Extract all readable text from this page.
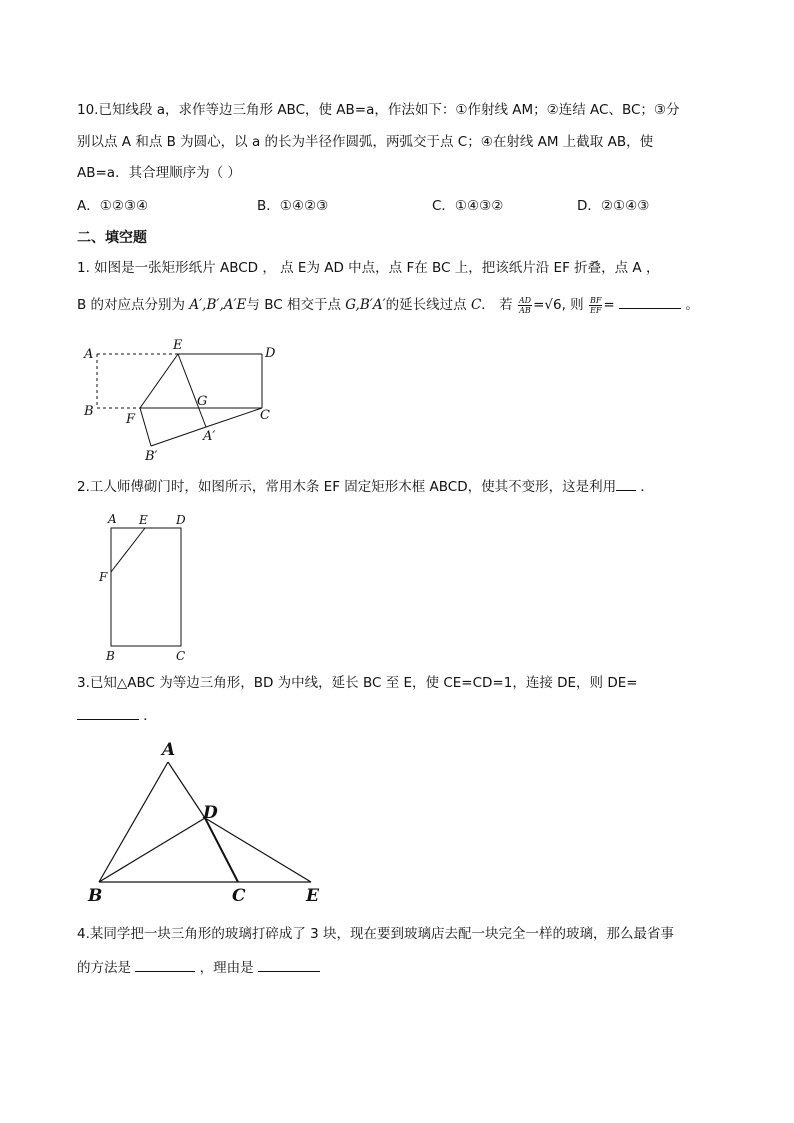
10.已知线段 a，求作等边三角形 ABC，使 AB=a，作法如下：①作射线 AM；②连结 AC、BC；③分
别以点 A 和点 B 为圆心，以 a 的长为半径作圆弧，两弧交于点 C；④在射线 AM 上截取 AB，使
AB=a．其合理顺序为（ ）
A．①②③④	B．①④②③	C．①④③②	D．②①④③
二、填空题
1. 如图是一张矩形纸片 ABCD ， 点 E为 AD 中点，点 F在 BC 上，把该纸片沿 EF 折叠，点 A ，
B 的对应点分别为 A′,B′,A′E与 BC 相交于点 G,B′A′的延长线过点 C． 若 $\frac{AD}{AB} =√6$, 则 $\frac{BF}{EF}$ =	。
A
E
D
B
G
C
F
A′
B′
2.工人师傅砌门时，如图所示，常用木条 EF 固定矩形木框 ABCD，使其不变形，这是利用 ．
A E D
F
B	C
3.已知△ABC 为等边三角形，BD 为中线，延长 BC 至 E，使 CE=CD=1，连接 DE，则 DE=
．
A
D
B	C	E
4.某同学把一块三角形的玻璃打碎成了 3 块，现在要到玻璃店去配一块完全一样的玻璃，那么最省事
的方法是	，理由是
